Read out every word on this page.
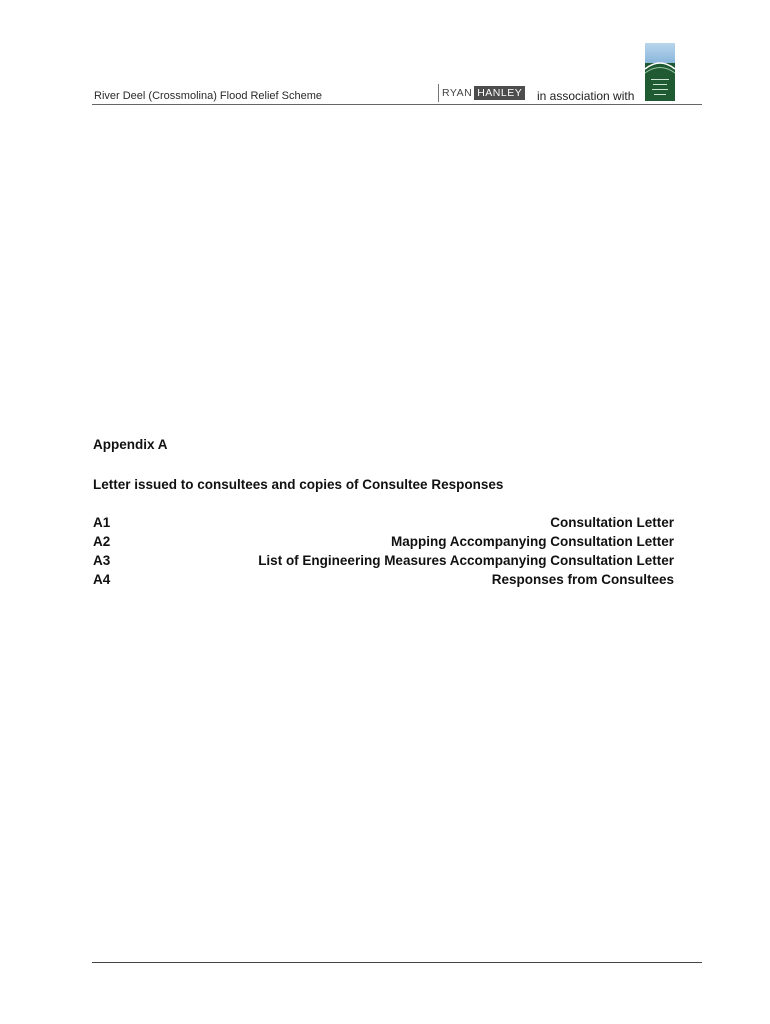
River Deel (Crossmolina) Flood Relief Scheme	RYAN HANLEY in association with
Appendix A
Letter issued to consultees and copies of Consultee Responses
A1	Consultation Letter
A2	Mapping Accompanying Consultation Letter
A3	List of Engineering Measures Accompanying Consultation Letter
A4	Responses from Consultees
